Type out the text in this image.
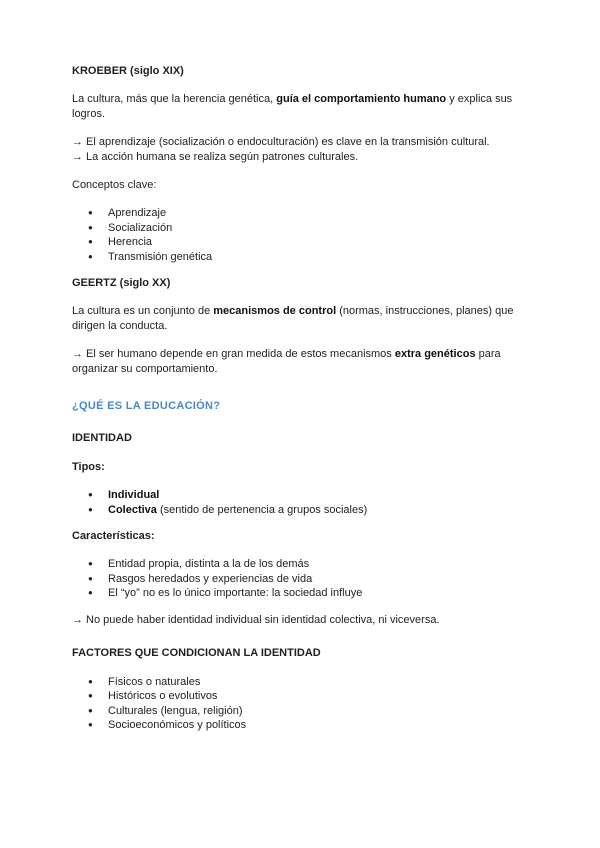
KROEBER (siglo XIX)

La cultura, más que la herencia genética, guía el comportamiento humano y explica sus logros.

→ El aprendizaje (socialización o endoculturación) es clave en la transmisión cultural.

→ La acción humana se realiza según patrones culturales.

Conceptos clave:

● Aprendizaje
● Socialización
● Herencia
● Transmisión genética

GEERTZ (siglo XX)

La cultura es un conjunto de mecanismos de control (normas, instrucciones, planes) que dirigen la conducta.

→ El ser humano depende en gran medida de estos mecanismos extra genéticos para organizar su comportamiento.

¿QUÉ ES LA EDUCACIÓN?

IDENTIDAD

Tipos:

● Individual
● Colectiva (sentido de pertenencia a grupos sociales)

Características:

● Entidad propia, distinta a la de los demás
● Rasgos heredados y experiencias de vida
● El “yo” no es lo único importante: la sociedad influye

→ No puede haber identidad individual sin identidad colectiva, ni viceversa.

FACTORES QUE CONDICIONAN LA IDENTIDAD

● Físicos o naturales
● Históricos o evolutivos
● Culturales (lengua, religión)
● Socioeconómicos y políticos
